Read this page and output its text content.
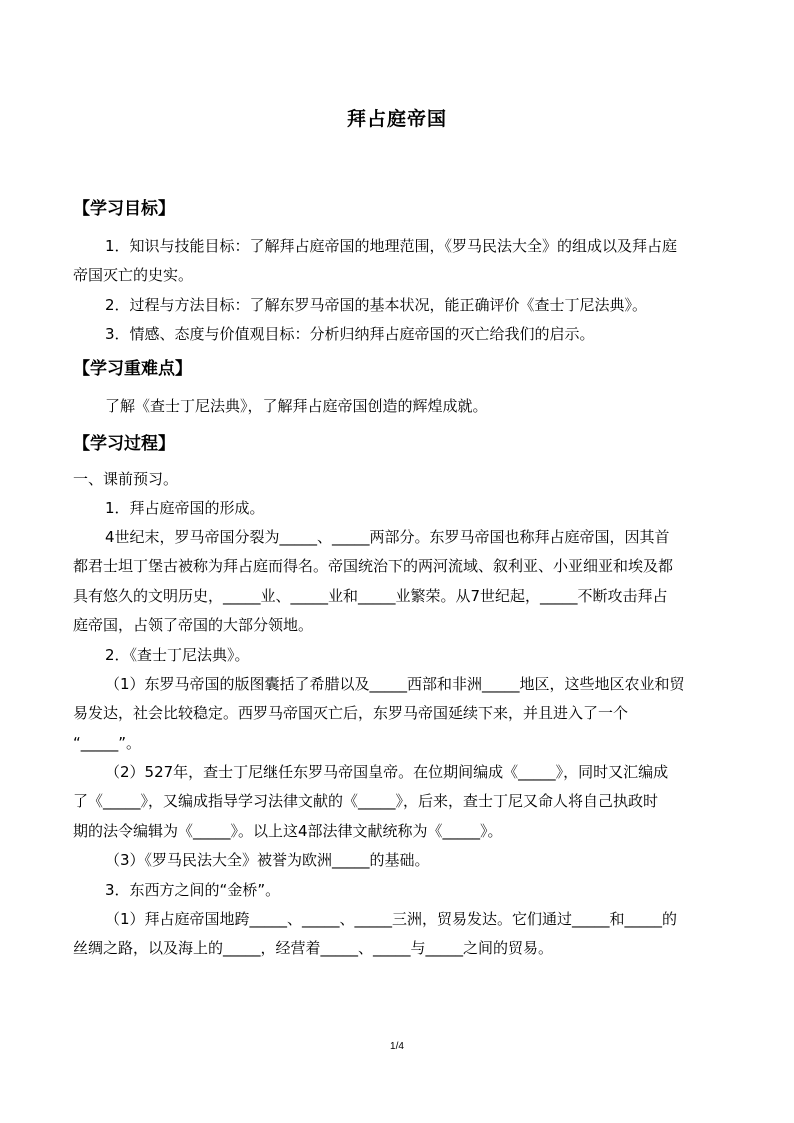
拜占庭帝国
【学习目标】
1．知识与技能目标：了解拜占庭帝国的地理范围，《罗马民法大全》的组成以及拜占庭
帝国灭亡的史实。
2．过程与方法目标：了解东罗马帝国的基本状况，能正确评价《查士丁尼法典》。
3．情感、态度与价值观目标：分析归纳拜占庭帝国的灭亡给我们的启示。
【学习重难点】
了解《查士丁尼法典》，了解拜占庭帝国创造的辉煌成就。
【学习过程】
一、课前预习。
1．拜占庭帝国的形成。
4世纪末，罗马帝国分裂为_____、_____两部分。东罗马帝国也称拜占庭帝国，因其首
都君士坦丁堡古被称为拜占庭而得名。帝国统治下的两河流域、叙利亚、小亚细亚和埃及都
具有悠久的文明历史，_____业、_____业和_____业繁荣。从7世纪起，_____不断攻击拜占
庭帝国，占领了帝国的大部分领地。
2．《查士丁尼法典》。
（1）东罗马帝国的版图囊括了希腊以及_____西部和非洲_____地区，这些地区农业和贸
易发达，社会比较稳定。西罗马帝国灭亡后，东罗马帝国延续下来，并且进入了一个
“_____”。
（2）527年，查士丁尼继任东罗马帝国皇帝。在位期间编成《_____》，同时又汇编成
了《_____》，又编成指导学习法律文献的《_____》，后来，查士丁尼又命人将自己执政时
期的法令编辑为《_____》。以上这4部法律文献统称为《_____》。
（3）《罗马民法大全》被誉为欧洲_____的基础。
3．东西方之间的“金桥”。
（1）拜占庭帝国地跨_____、_____、_____三洲，贸易发达。它们通过_____和_____的
丝绸之路，以及海上的_____，经营着_____、_____与_____之间的贸易。
1/4
